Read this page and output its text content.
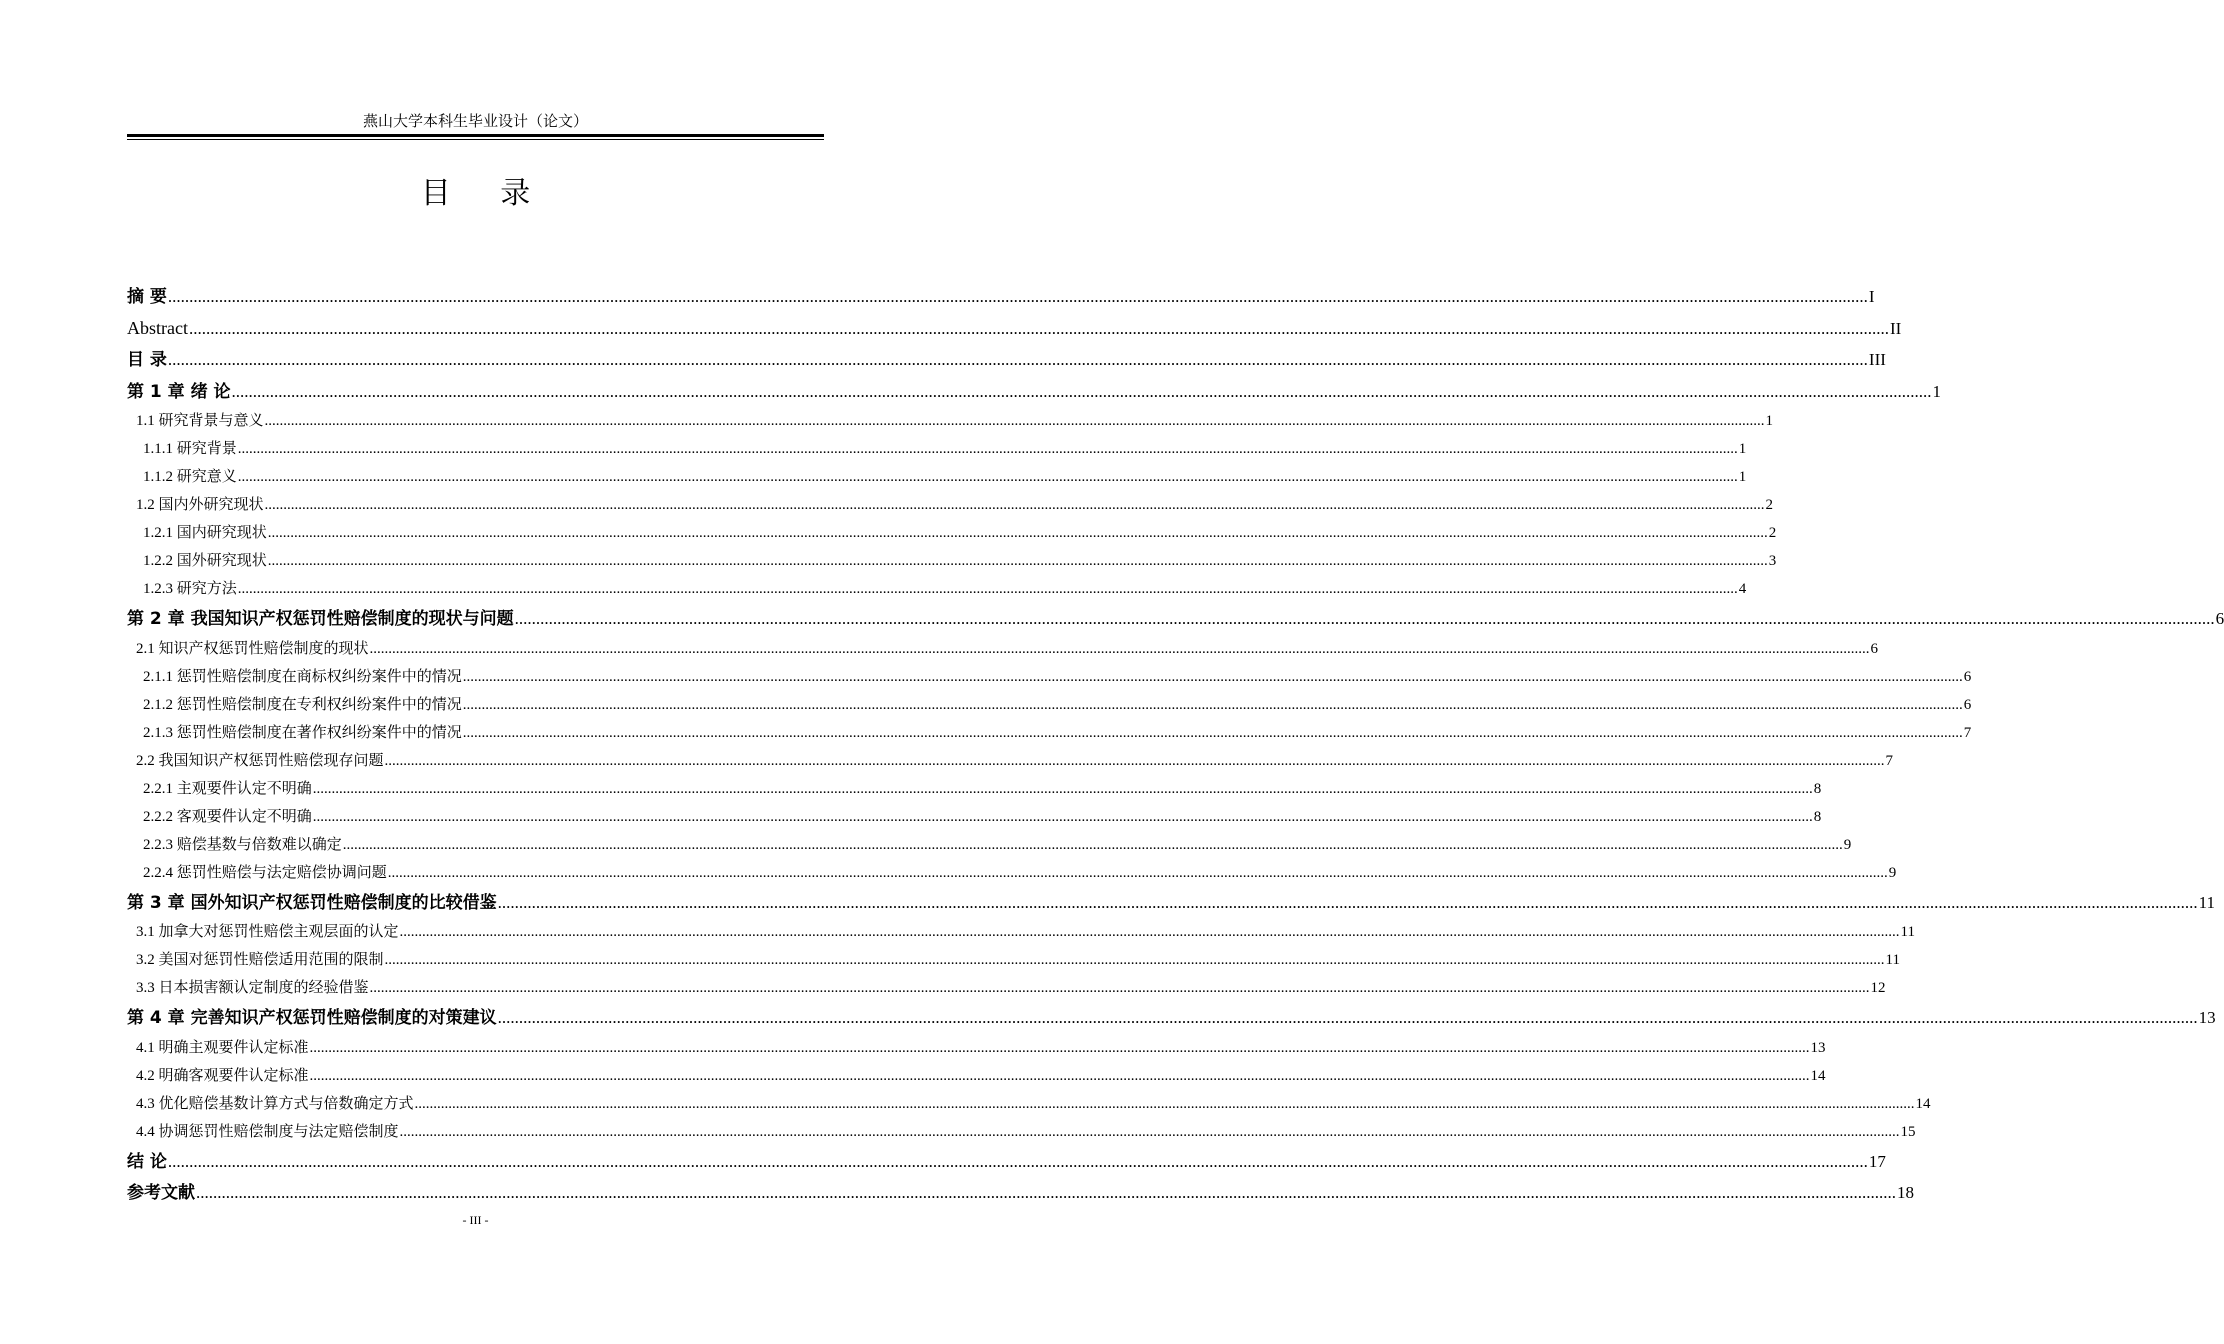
燕山大学本科生毕业设计（论文）
目 录
摘 要 ................................................................................................................................................................................................................................................................................................................................................................................................................ I
Abstract ................................................................................................................................................................................................................................................................................................................................................................................................................ II
目 录 ................................................................................................................................................................................................................................................................................................................................................................................................................ III
第 1 章 绪 论 ................................................................................................................................................................................................................................................................................................................................................................................................................ 1
1.1 研究背景与意义 ................................................................................................................................................................................................................................................................................................................................................................................................................ 1
1.1.1 研究背景 ................................................................................................................................................................................................................................................................................................................................................................................................................ 1
1.1.2 研究意义 ................................................................................................................................................................................................................................................................................................................................................................................................................ 1
1.2 国内外研究现状 ................................................................................................................................................................................................................................................................................................................................................................................................................ 2
1.2.1 国内研究现状 ................................................................................................................................................................................................................................................................................................................................................................................................................ 2
1.2.2 国外研究现状 ................................................................................................................................................................................................................................................................................................................................................................................................................ 3
1.2.3 研究方法 ................................................................................................................................................................................................................................................................................................................................................................................................................ 4
第 2 章 我国知识产权惩罚性赔偿制度的现状与问题 ................................................................................................................................................................................................................................................................................................................................................................................................................ 6
2.1 知识产权惩罚性赔偿制度的现状 ................................................................................................................................................................................................................................................................................................................................................................................................................ 6
2.1.1 惩罚性赔偿制度在商标权纠纷案件中的情况 ................................................................................................................................................................................................................................................................................................................................................................................................................ 6
2.1.2 惩罚性赔偿制度在专利权纠纷案件中的情况 ................................................................................................................................................................................................................................................................................................................................................................................................................ 6
2.1.3 惩罚性赔偿制度在著作权纠纷案件中的情况 ................................................................................................................................................................................................................................................................................................................................................................................................................ 7
2.2 我国知识产权惩罚性赔偿现存问题 ................................................................................................................................................................................................................................................................................................................................................................................................................ 7
2.2.1 主观要件认定不明确 ................................................................................................................................................................................................................................................................................................................................................................................................................ 8
2.2.2 客观要件认定不明确 ................................................................................................................................................................................................................................................................................................................................................................................................................ 8
2.2.3 赔偿基数与倍数难以确定 ................................................................................................................................................................................................................................................................................................................................................................................................................ 9
2.2.4 惩罚性赔偿与法定赔偿协调问题 ................................................................................................................................................................................................................................................................................................................................................................................................................ 9
第 3 章 国外知识产权惩罚性赔偿制度的比较借鉴 ................................................................................................................................................................................................................................................................................................................................................................................................................ 11
3.1 加拿大对惩罚性赔偿主观层面的认定 ................................................................................................................................................................................................................................................................................................................................................................................................................ 11
3.2 美国对惩罚性赔偿适用范围的限制 ................................................................................................................................................................................................................................................................................................................................................................................................................ 11
3.3 日本损害额认定制度的经验借鉴 ................................................................................................................................................................................................................................................................................................................................................................................................................ 12
第 4 章 完善知识产权惩罚性赔偿制度的对策建议 ................................................................................................................................................................................................................................................................................................................................................................................................................ 13
4.1 明确主观要件认定标准 ................................................................................................................................................................................................................................................................................................................................................................................................................ 13
4.2 明确客观要件认定标准 ................................................................................................................................................................................................................................................................................................................................................................................................................ 14
4.3 优化赔偿基数计算方式与倍数确定方式 ................................................................................................................................................................................................................................................................................................................................................................................................................ 14
4.4 协调惩罚性赔偿制度与法定赔偿制度 ................................................................................................................................................................................................................................................................................................................................................................................................................ 15
结 论 ................................................................................................................................................................................................................................................................................................................................................................................................................ 17
参考文献 ................................................................................................................................................................................................................................................................................................................................................................................................................ 18
- III -
